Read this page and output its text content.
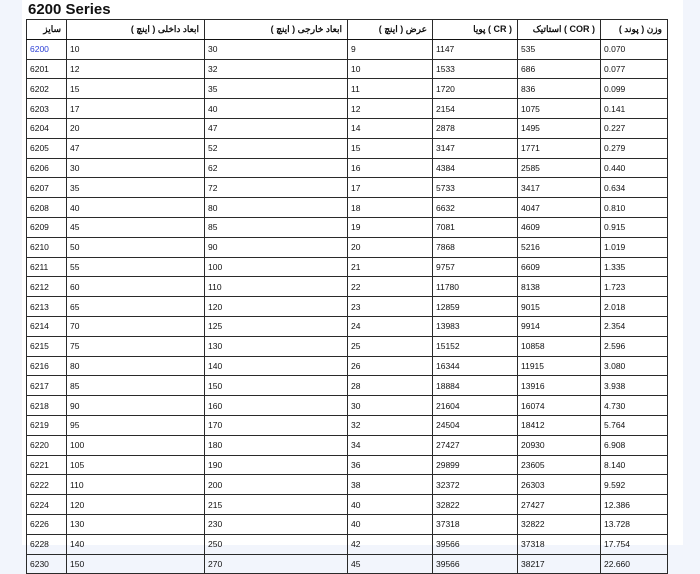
6200 Series
سایز	ابعاد داخلی ( اینچ )	ابعاد خارجی ( اینچ )	عرض ( اینچ )	پویا ( CR )	استاتیک ( COR )	وزن ( پوند )
6200	10	30	9	1147	535	0.070
6201	12	32	10	1533	686	0.077
6202	15	35	11	1720	836	0.099
6203	17	40	12	2154	1075	0.141
6204	20	47	14	2878	1495	0.227
6205	47	52	15	3147	1771	0.279
6206	30	62	16	4384	2585	0.440
6207	35	72	17	5733	3417	0.634
6208	40	80	18	6632	4047	0.810
6209	45	85	19	7081	4609	0.915
6210	50	90	20	7868	5216	1.019
6211	55	100	21	9757	6609	1.335
6212	60	110	22	11780	8138	1.723
6213	65	120	23	12859	9015	2.018
6214	70	125	24	13983	9914	2.354
6215	75	130	25	15152	10858	2.596
6216	80	140	26	16344	11915	3.080
6217	85	150	28	18884	13916	3.938
6218	90	160	30	21604	16074	4.730
6219	95	170	32	24504	18412	5.764
6220	100	180	34	27427	20930	6.908
6221	105	190	36	29899	23605	8.140
6222	110	200	38	32372	26303	9.592
6224	120	215	40	32822	27427	12.386
6226	130	230	40	37318	32822	13.728
6228	140	250	42	39566	37318	17.754
6230	150	270	45	39566	38217	22.660
